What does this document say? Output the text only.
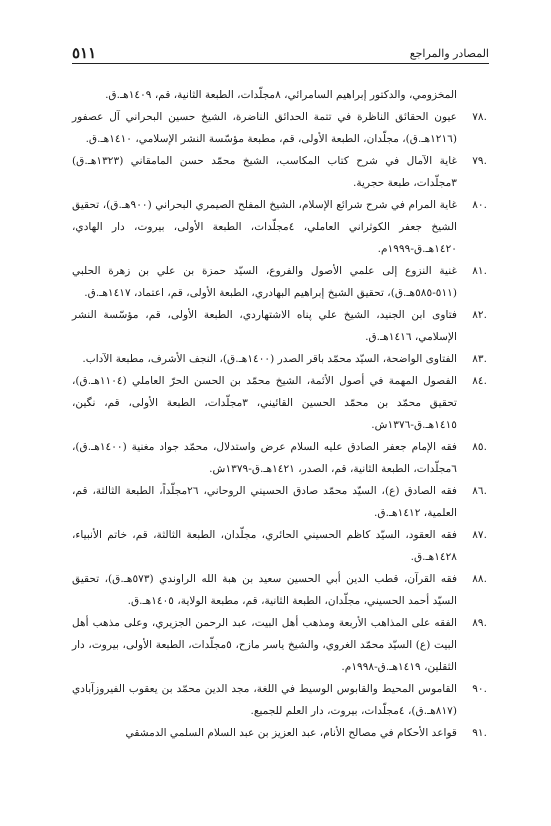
المصادر والمراجع
٥١١
المخزومي، والدكتور إبراهيم السامرائي، ٨مجلّدات، الطبعة الثانية، قم، ١٤٠٩هـ.ق.
.٧٨
عيون الحقائق الناظرة في تتمة الحدائق الناضرة، الشيخ حسين البحراني آل عصفور (١٢١٦هـ.ق)، مجلّدان، الطبعة الأولى، قم، مطبعة مؤسّسة النشر الإسلامي، ١٤١٠هـ.ق.
.٧٩
غاية الآمال في شرح كتاب المكاسب، الشيخ محمّد حسن المامقاني (١٣٢٣هـ.ق) ٣مجلّدات، طبعة حجرية.
.٨٠
غاية المرام في شرح شرائع الإسلام، الشيخ المفلح الصيمري البحراني (٩٠٠هـ.ق)، تحقيق الشيخ جعفر الكوثراني العاملي، ٤مجلّدات، الطبعة الأولى، بيروت، دار الهادي، ١٤٢٠هـ.ق-١٩٩٩م.
.٨١
غنية النزوع إلى علمي الأصول والفروع، السيّد حمزة بن علي بن زهرة الحلبي (٥١١-٥٨٥هـ.ق)، تحقيق الشيخ إبراهيم البهادري، الطبعة الأولى، قم، اعتماد، ١٤١٧هـ.ق.
.٨٢
فتاوى ابن الجنيد، الشيخ علي پناه الاشتهاردي، الطبعة الأولى، قم، مؤسّسة النشر الإسلامي، ١٤١٦هـ.ق.
.٨٣
الفتاوى الواضحة، السيّد محمّد باقر الصدر (١٤٠٠هـ.ق)، النجف الأشرف، مطبعة الآداب.
.٨٤
الفصول المهمة في أصول الأئمة، الشيخ محمّد بن الحسن الحرّ العاملي (١١٠٤هـ.ق)، تحقيق محمّد بن محمّد الحسين القائيني، ٣مجلّدات، الطبعة الأولى، قم، نگين، ١٤١٥هـ.ق-١٣٧٦ش.
.٨٥
فقه الإمام جعفر الصادق عليه السلام عرض واستدلال، محمّد جواد مغنية (١٤٠٠هـ.ق)، ٦مجلّدات، الطبعة الثانية، قم، الصدر، ١٤٢١هـ.ق-١٣٧٩ش.
.٨٦
فقه الصادق (ع)، السيّد محمّد صادق الحسيني الروحاني، ٢٦مجلّداً، الطبعة الثالثة، قم، العلمية، ١٤١٢هـ.ق.
.٨٧
فقه العقود، السيّد كاظم الحسيني الحائري، مجلّدان، الطبعة الثالثة، قم، خاتم الأنبياء، ١٤٢٨هـ.ق.
.٨٨
فقه القرآن، قطب الدين أبي الحسين سعيد بن هبة الله الراوندي (٥٧٣هـ.ق)، تحقيق السيّد أحمد الحسيني، مجلّدان، الطبعة الثانية، قم، مطبعة الولاية، ١٤٠٥هـ.ق.
.٨٩
الفقه على المذاهب الأربعة ومذهب أهل البيت، عبد الرحمن الجزيري، وعلى مذهب أهل البيت (ع) السيّد محمّد الغروي، والشيخ ياسر مازح، ٥مجلّدات، الطبعة الأولى، بيروت، دار الثقلين، ١٤١٩هـ.ق-١٩٩٨م.
.٩٠
القاموس المحيط والقابوس الوسيط في اللغة، مجد الدين محمّد بن يعقوب الفيروزآبادي (٨١٧هـ.ق)، ٤مجلّدات، بيروت، دار العلم للجميع.
.٩١
قواعد الأحكام في مصالح الأنام، عبد العزيز بن عبد السلام السلمي الدمشقي
